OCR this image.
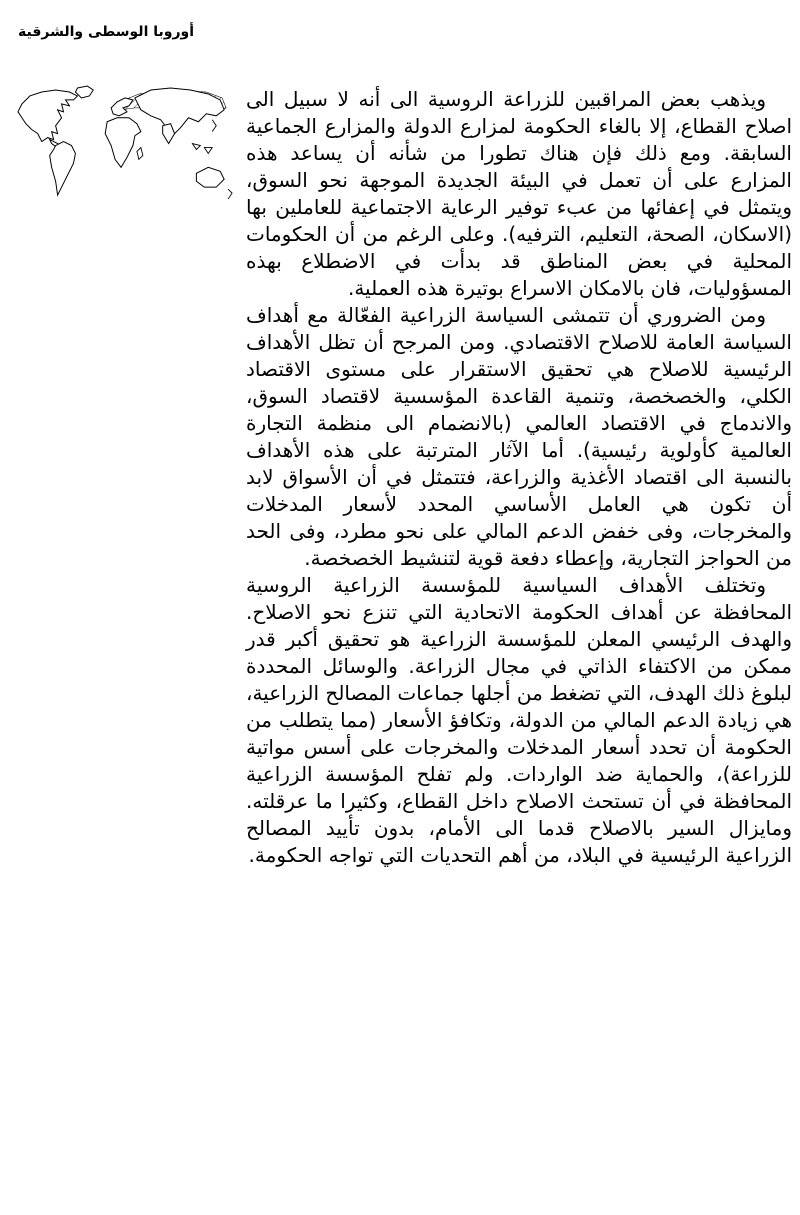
أوروبا الوسطى والشرقية

ويذهب بعض المراقبين للزراعة الروسية الى أنه لا سبيل الى اصلاح القطاع، إلا بالغاء الحكومة لمزارع الدولة والمزارع الجماعية السابقة. ومع ذلك فإن هناك تطورا من شأنه أن يساعد هذه المزارع على أن تعمل في البيئة الجديدة الموجهة نحو السوق، ويتمثل في إعفائها من عبء توفير الرعاية الاجتماعية للعاملين بها (الاسكان، الصحة، التعليم، الترفيه). وعلى الرغم من أن الحكومات المحلية في بعض المناطق قد بدأت في الاضطلاع بهذه المسؤوليات، فان بالامكان الاسراع بوتيرة هذه العملية.

ومن الضروري أن تتمشى السياسة الزراعية الفعّالة مع أهداف السياسة العامة للاصلاح الاقتصادي. ومن المرجح أن تظل الأهداف الرئيسية للاصلاح هي تحقيق الاستقرار على مستوى الاقتصاد الكلي، والخصخصة، وتنمية القاعدة المؤسسية لاقتصاد السوق، والاندماج في الاقتصاد العالمي (بالانضمام الى منظمة التجارة العالمية كأولوية رئيسية). أما الآثار المترتبة على هذه الأهداف بالنسبة الى اقتصاد الأغذية والزراعة، فتتمثل في أن الأسواق لابد أن تكون هي العامل الأساسي المحدد لأسعار المدخلات والمخرجات، وفى خفض الدعم المالي على نحو مطرد، وفى الحد من الحواجز التجارية، وإعطاء دفعة قوية لتنشيط الخصخصة.

وتختلف الأهداف السياسية للمؤسسة الزراعية الروسية المحافظة عن أهداف الحكومة الاتحادية التي تنزع نحو الاصلاح. والهدف الرئيسي المعلن للمؤسسة الزراعية هو تحقيق أكبر قدر ممكن من الاكتفاء الذاتي في مجال الزراعة. والوسائل المحددة لبلوغ ذلك الهدف، التي تضغط من أجلها جماعات المصالح الزراعية، هي زيادة الدعم المالي من الدولة، وتكافؤ الأسعار (مما يتطلب من الحكومة أن تحدد أسعار المدخلات والمخرجات على أسس مواتية للزراعة)، والحماية ضد الواردات. ولم تفلح المؤسسة الزراعية المحافظة في أن تستحث الاصلاح داخل القطاع، وكثيرا ما عرقلته. ومايزال السير بالاصلاح قدما الى الأمام، بدون تأييد المصالح الزراعية الرئيسية في البلاد، من أهم التحديات التي تواجه الحكومة.
